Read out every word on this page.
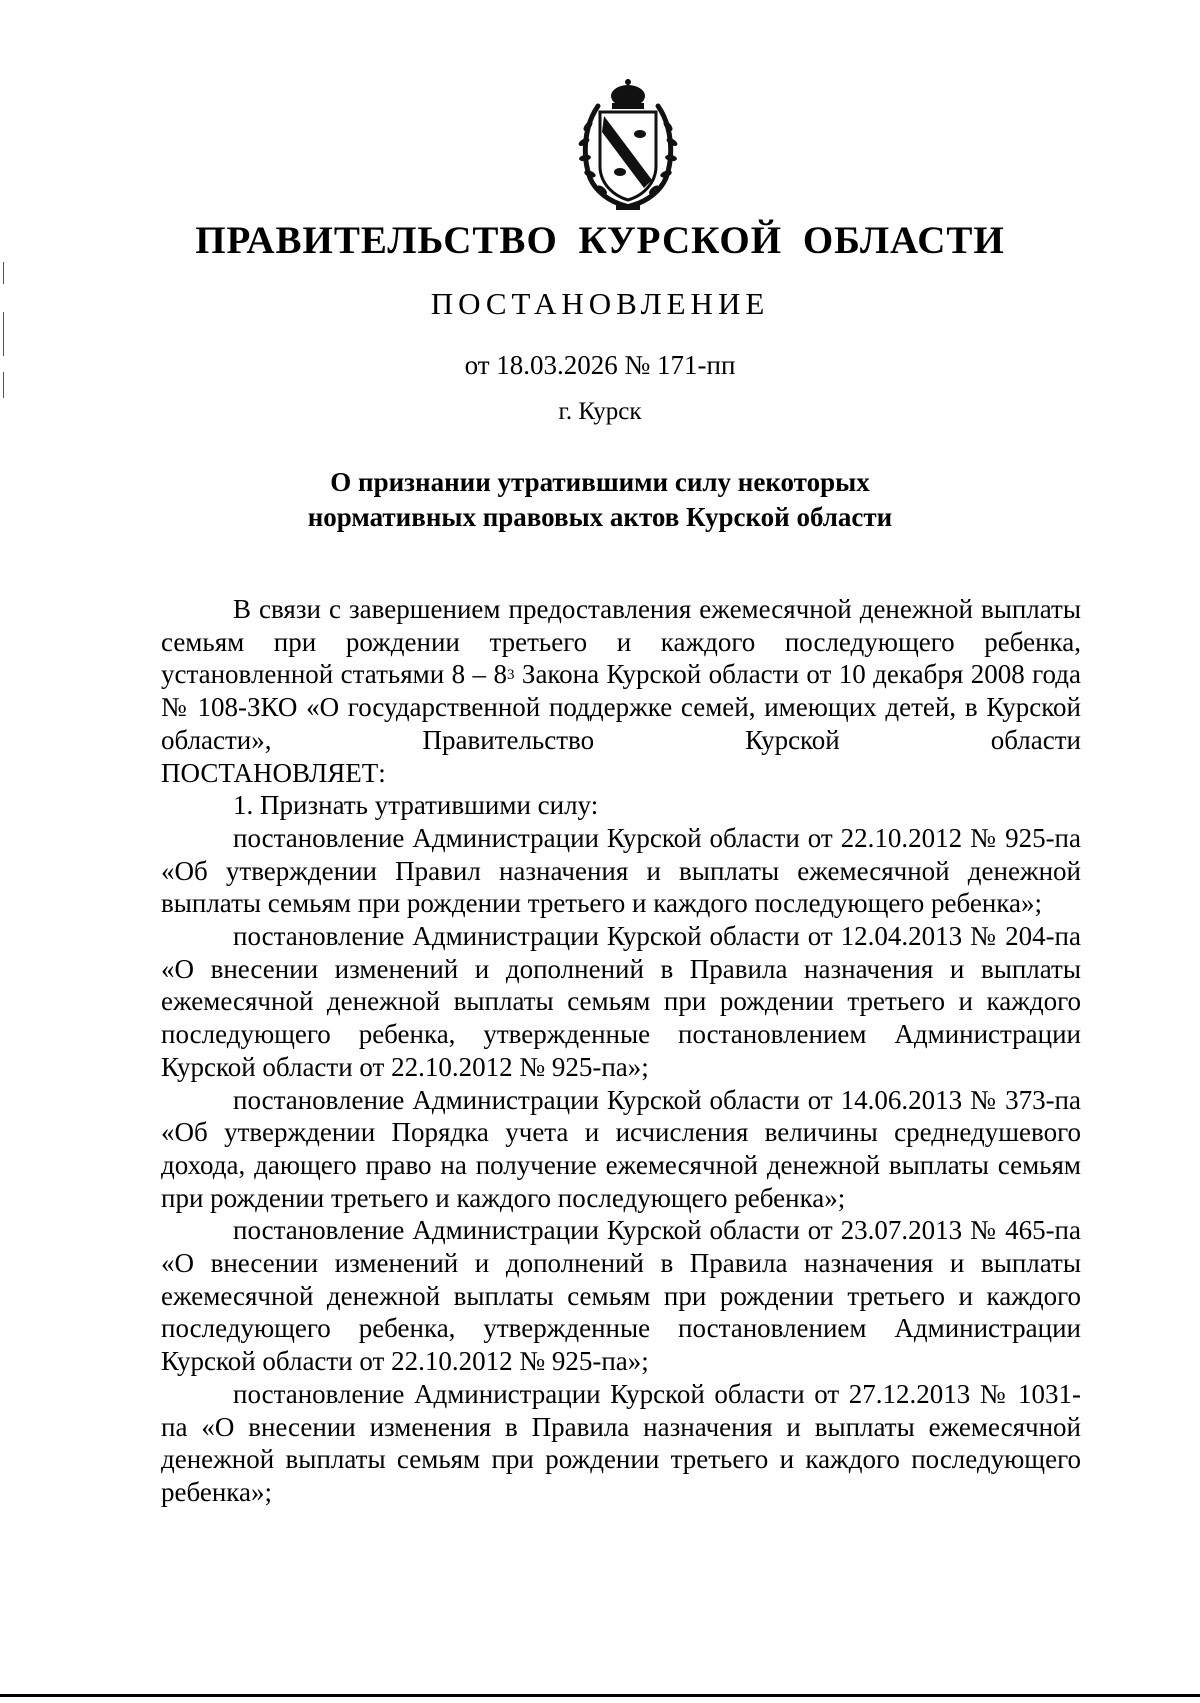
ПРАВИТЕЛЬСТВО КУРСКОЙ ОБЛАСТИ
ПОСТАНОВЛЕНИЕ
от 18.03.2026 № 171-пп
г. Курск
О признании утратившими силу некоторых
нормативных правовых актов Курской области

В связи с завершением предоставления ежемесячной денежной выплаты семьям при рождении третьего и каждого последующего ребенка, установленной статьями $8 - 8^3$ Закона Курской области от 10 декабря 2008 года № 108-ЗКО «О государственной поддержке семей, имеющих детей, в Курской области», Правительство Курской области

ПОСТАНОВЛЯЕТ:

1. Признать утратившими силу:

постановление Администрации Курской области от 22.10.2012 № 925-па «Об утверждении Правил назначения и выплаты ежемесячной денежной выплаты семьям при рождении третьего и каждого последующего ребенка»;

постановление Администрации Курской области от 12.04.2013 № 204-па «О внесении изменений и дополнений в Правила назначения и выплаты ежемесячной денежной выплаты семьям при рождении третьего и каждого последующего ребенка, утвержденные постановлением Администрации Курской области от 22.10.2012 № 925-па»;

постановление Администрации Курской области от 14.06.2013 № 373-па «Об утверждении Порядка учета и исчисления величины среднедушевого дохода, дающего право на получение ежемесячной денежной выплаты семьям при рождении третьего и каждого последующего ребенка»;

постановление Администрации Курской области от 23.07.2013 № 465-па «О внесении изменений и дополнений в Правила назначения и выплаты ежемесячной денежной выплаты семьям при рождении третьего и каждого последующего ребенка, утвержденные постановлением Администрации Курской области от 22.10.2012 № 925-па»;

постановление Администрации Курской области от 27.12.2013 № 1031-па «О внесении изменения в Правила назначения и выплаты ежемесячной денежной выплаты семьям при рождении третьего и каждого последующего ребенка»;
